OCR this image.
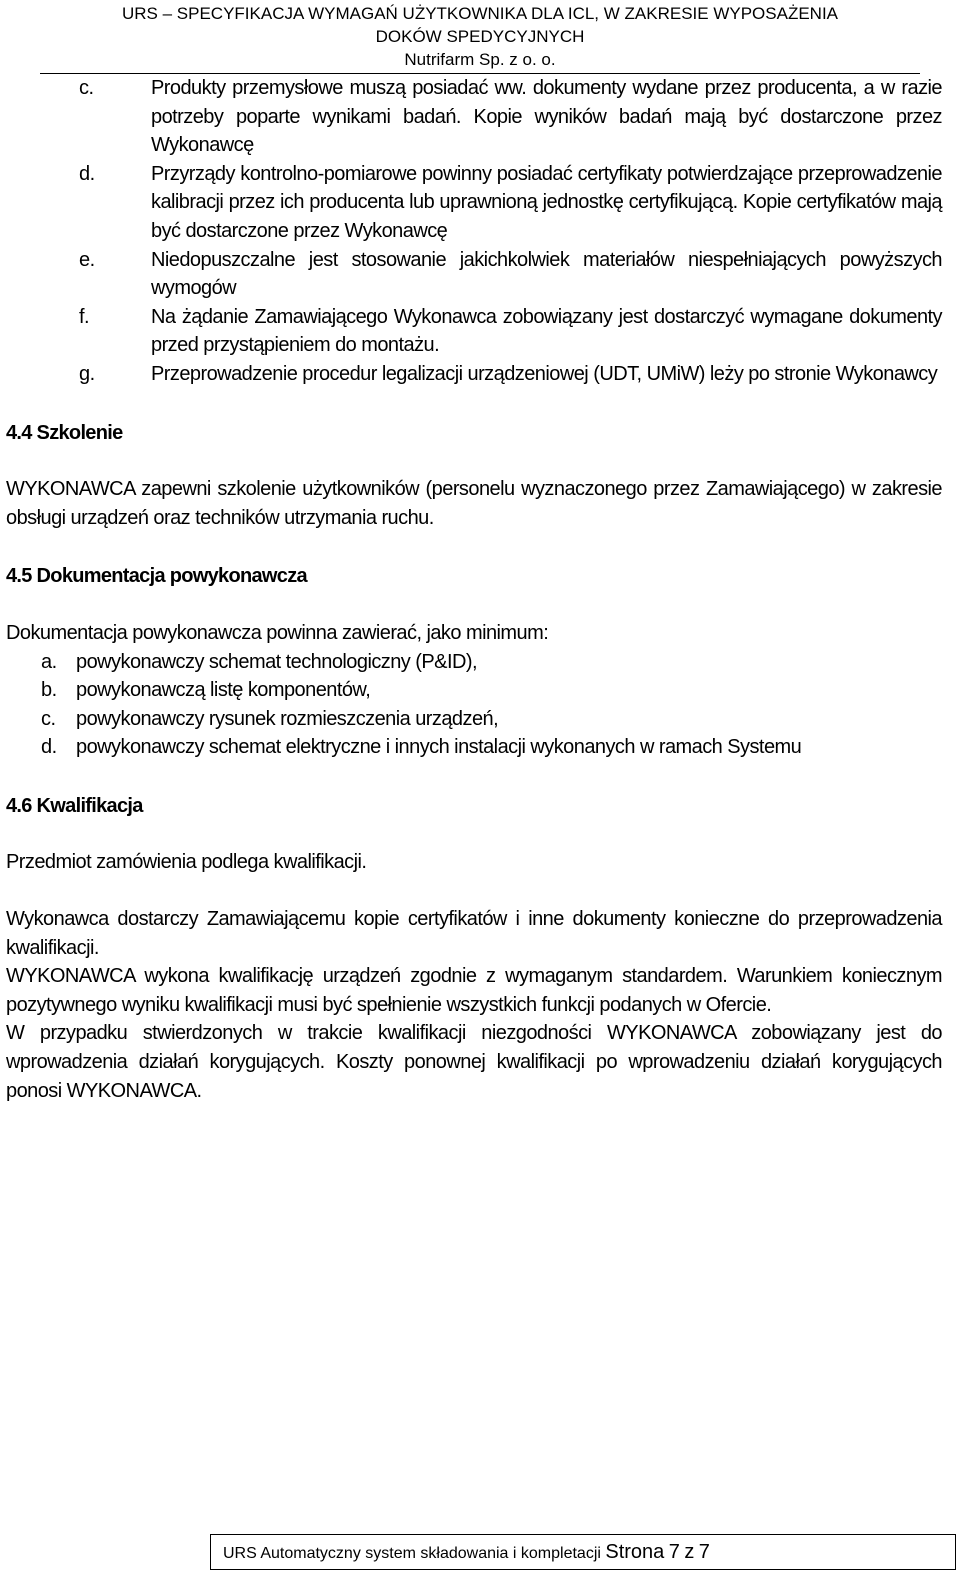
URS – SPECYFIKACJA WYMAGAŃ UŻYTKOWNIKA DLA ICL, W ZAKRESIE WYPOSAŻENIA
DOKÓW SPEDYCYJNYCH
Nutrifarm Sp. z o. o.
c.	Produkty przemysłowe muszą posiadać ww. dokumenty wydane przez producenta, a w razie potrzeby poparte wynikami badań. Kopie wyników badań mają być dostarczone przez Wykonawcę
d.	Przyrządy kontrolno-pomiarowe powinny posiadać certyfikaty potwierdzające przeprowadzenie kalibracji przez ich producenta lub uprawnioną jednostkę certyfikującą. Kopie certyfikatów mają być dostarczone przez Wykonawcę
e.	Niedopuszczalne jest stosowanie jakichkolwiek materiałów niespełniających powyższych wymogów
f.	Na żądanie Zamawiającego Wykonawca zobowiązany jest dostarczyć wymagane dokumenty przed przystąpieniem do montażu.
g.	Przeprowadzenie procedur legalizacji urządzeniowej (UDT, UMiW) leży po stronie Wykonawcy
4.4 Szkolenie

WYKONAWCA zapewni szkolenie użytkowników (personelu wyznaczonego przez Zamawiającego) w zakresie obsługi urządzeń oraz techników utrzymania ruchu.

4.5 Dokumentacja powykonawcza

Dokumentacja powykonawcza powinna zawierać, jako minimum:

a. powykonawczy schemat technologiczny (P&ID),
b. powykonawczą listę komponentów,
c. powykonawczy rysunek rozmieszczenia urządzeń,
d. powykonawczy schemat elektryczne i innych instalacji wykonanych w ramach Systemu
4.6 Kwalifikacja

Przedmiot zamówienia podlega kwalifikacji.

Wykonawca dostarczy Zamawiającemu kopie certyfikatów i inne dokumenty konieczne do przeprowadzenia kwalifikacji.

WYKONAWCA wykona kwalifikację urządzeń zgodnie z wymaganym standardem. Warunkiem koniecznym pozytywnego wyniku kwalifikacji musi być spełnienie wszystkich funkcji podanych w Ofercie.

W przypadku stwierdzonych w trakcie kwalifikacji niezgodności WYKONAWCA zobowiązany jest do wprowadzenia działań korygujących. Koszty ponownej kwalifikacji po wprowadzeniu działań korygujących ponosi WYKONAWCA.

URS Automatyczny system składowania i kompletacji Strona 7 z 7
